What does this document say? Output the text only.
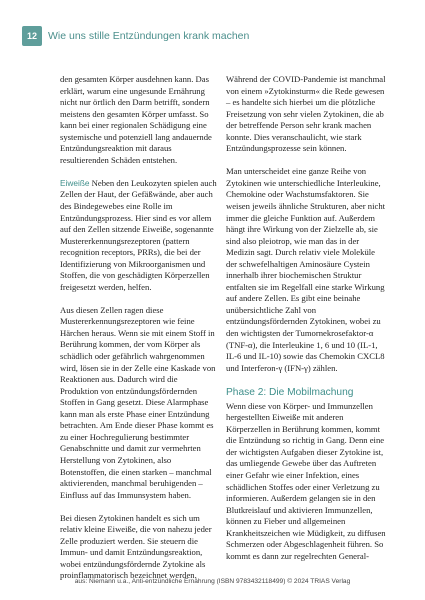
12 Wie uns stille Entzündungen krank machen

den gesamten Körper ausdehnen kann. Das erklärt, warum eine ungesunde Ernährung nicht nur örtlich den Darm betrifft, sondern meistens den gesamten Körper umfasst. So kann bei einer regionalen Schädigung eine systemische und potenziell lang andauernde Entzündungsreaktion mit daraus resultierenden Schäden entstehen.

Eiweiße Neben den Leukozyten spielen auch Zellen der Haut, der Gefäßwände, aber auch des Bindegewebes eine Rolle im Entzündungsprozess. Hier sind es vor allem auf den Zellen sitzende Eiweiße, sogenannte Mustererkennungsrezeptoren (pattern recognition receptors, PRRs), die bei der Identifizierung von Mikroorganismen und Stoffen, die von geschädigten Körperzellen freigesetzt werden, helfen.

Aus diesen Zellen ragen diese Mustererkennungsrezeptoren wie feine Härchen heraus. Wenn sie mit einem Stoff in Berührung kommen, der vom Körper als schädlich oder gefährlich wahrgenommen wird, lösen sie in der Zelle eine Kaskade von Reaktionen aus. Dadurch wird die Produktion von entzündungsfördernden Stoffen in Gang gesetzt. Diese Alarmphase kann man als erste Phase einer Entzündung betrachten. Am Ende dieser Phase kommt es zu einer Hochregulierung bestimmter Genabschnitte und damit zur vermehrten Herstellung von Zytokinen, also Botenstoffen, die einen starken – manchmal aktivierenden, manchmal beruhigenden – Einfluss auf das Immunsystem haben.

Bei diesen Zytokinen handelt es sich um relativ kleine Eiweiße, die von nahezu jeder Zelle produziert werden. Sie steuern die Immun- und damit Entzündungsreaktion, wobei entzündungsfördernde Zytokine als proinflammatorisch bezeichnet werden.

Während der COVID-Pandemie ist manchmal von einem »Zytokinsturm« die Rede gewesen – es handelte sich hierbei um die plötzliche Freisetzung von sehr vielen Zytokinen, die ab der betreffende Person sehr krank machen konnte. Dies veranschaulicht, wie stark Entzündungsprozesse sein können.

Man unterscheidet eine ganze Reihe von Zytokinen wie unterschiedliche Interleukine, Chemokine oder Wachstumsfaktoren. Sie weisen jeweils ähnliche Strukturen, aber nicht immer die gleiche Funktion auf. Außerdem hängt ihre Wirkung von der Zielzelle ab, sie sind also pleiotrop, wie man das in der Medizin sagt. Durch relativ viele Moleküle der schwefelhaltigen Aminosäure Cystein innerhalb ihrer biochemischen Struktur entfalten sie im Regelfall eine starke Wirkung auf andere Zellen. Es gibt eine beinahe unübersichtliche Zahl von entzündungsfördernden Zytokinen, wobei zu den wichtigsten der Tumornekrosefaktor-α (TNF-α), die Interleukine 1, 6 und 10 (IL-1, IL-6 und IL-10) sowie das Chemokin CXCL8 und Interferon-γ (IFN-γ) zählen.

Phase 2: Die Mobilmachung

Wenn diese von Körper- und Immunzellen hergestellten Eiweiße mit anderen Körperzellen in Berührung kommen, kommt die Entzündung so richtig in Gang. Denn eine der wichtigsten Aufgaben dieser Zytokine ist, das umliegende Gewebe über das Auftreten einer Gefahr wie einer Infektion, eines schädlichen Stoffes oder einer Verletzung zu informieren. Außerdem gelangen sie in den Blutkreislauf und aktivieren Immunzellen, können zu Fieber und allgemeinen Krankheitszeichen wie Müdigkeit, zu diffusen Schmerzen oder Abgeschlagenheit führen. So kommt es dann zur regelrechten General-

aus: Niemann u.a., Anti-entzündliche Ernährung (ISBN 9783432118499) © 2024 TRIAS Verlag
